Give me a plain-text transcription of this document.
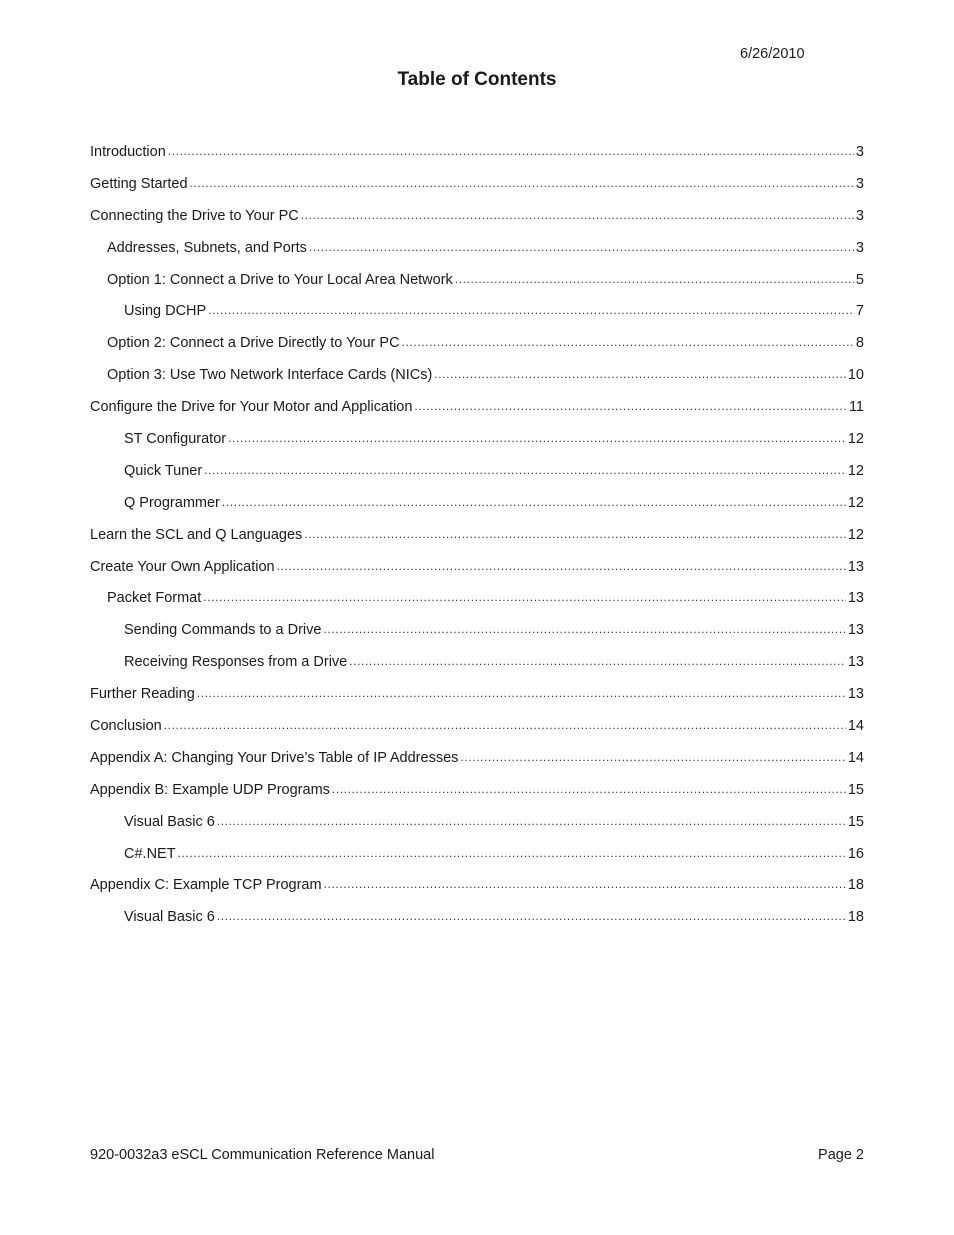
6/26/2010
Table of Contents
Introduction .....	3
Getting Started .....	3
Connecting the Drive to Your PC .....	3
Addresses, Subnets, and Ports .....	3
Option 1: Connect a Drive to Your Local Area Network .....	5
Using DCHP .....	7
Option 2: Connect a Drive Directly to Your PC .....	8
Option 3: Use Two Network Interface Cards (NICs) .....	10
Configure the Drive for Your Motor and Application .....	11
ST Configurator .....	12
Quick Tuner .....	12
Q Programmer .....	12
Learn the SCL and Q Languages .....	12
Create Your Own Application .....	13
Packet Format .....	13
Sending Commands to a Drive .....	13
Receiving Responses from a Drive .....	13
Further Reading .....	13
Conclusion .....	14
Appendix A: Changing Your Drive’s Table of IP Addresses .....	14
Appendix B: Example UDP Programs .....	15
Visual Basic 6 .....	15
C#.NET .....	16
Appendix C: Example TCP Program .....	18
Visual Basic 6 .....	18
920-0032a3 eSCL Communication Reference Manual	Page 2
